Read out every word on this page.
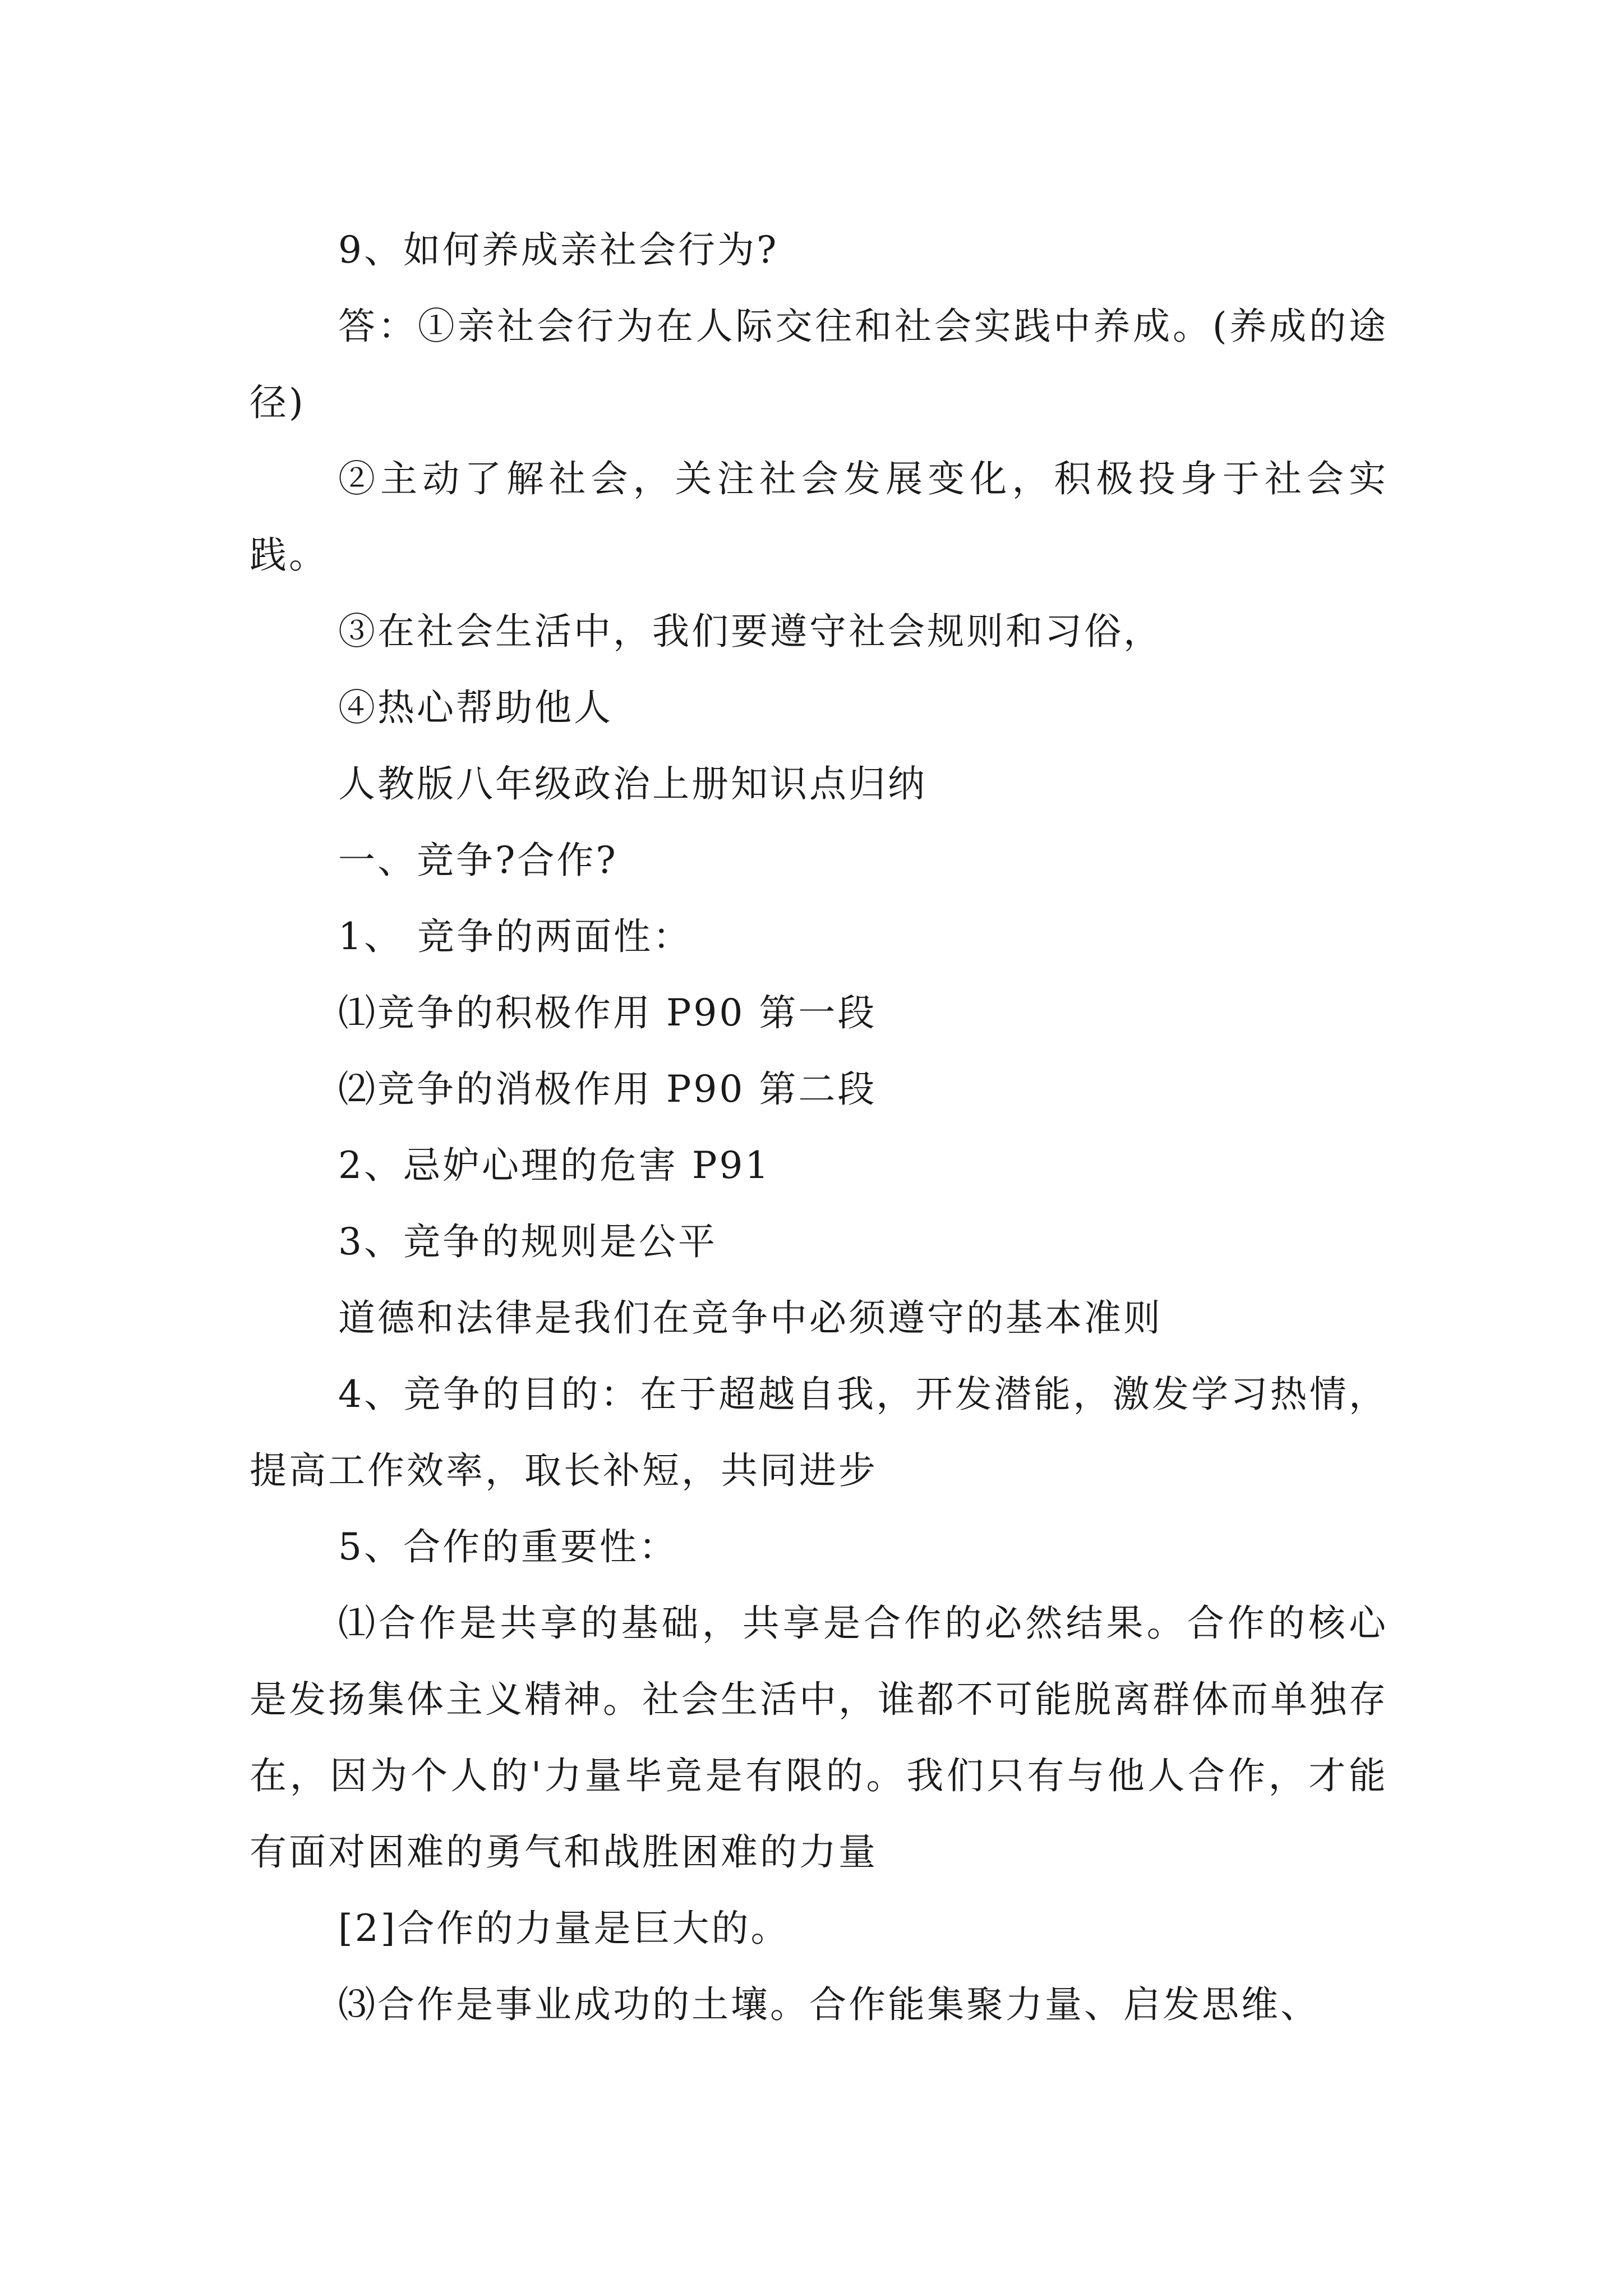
9、如何养成亲社会行为?

答：①亲社会行为在人际交往和社会实践中养成。(养成的途径)

②主动了解社会，关注社会发展变化，积极投身于社会实践。

③在社会生活中，我们要遵守社会规则和习俗，

④热心帮助他人

人教版八年级政治上册知识点归纳

一、竞争?合作?

1、 竞争的两面性：

⑴竞争的积极作用 P90 第一段

⑵竞争的消极作用 P90 第二段

2、忌妒心理的危害 P91

3、竞争的规则是公平

道德和法律是我们在竞争中必须遵守的基本准则

4、竞争的目的：在于超越自我，开发潜能，激发学习热情，提高工作效率，取长补短，共同进步

5、合作的重要性：

⑴合作是共享的基础，共享是合作的必然结果。合作的核心是发扬集体主义精神。社会生活中，谁都不可能脱离群体而单独存在，因为个人的'力量毕竟是有限的。我们只有与他人合作，才能有面对困难的勇气和战胜困难的力量

[2]合作的力量是巨大的。

⑶合作是事业成功的土壤。合作能集聚力量、启发思维、
